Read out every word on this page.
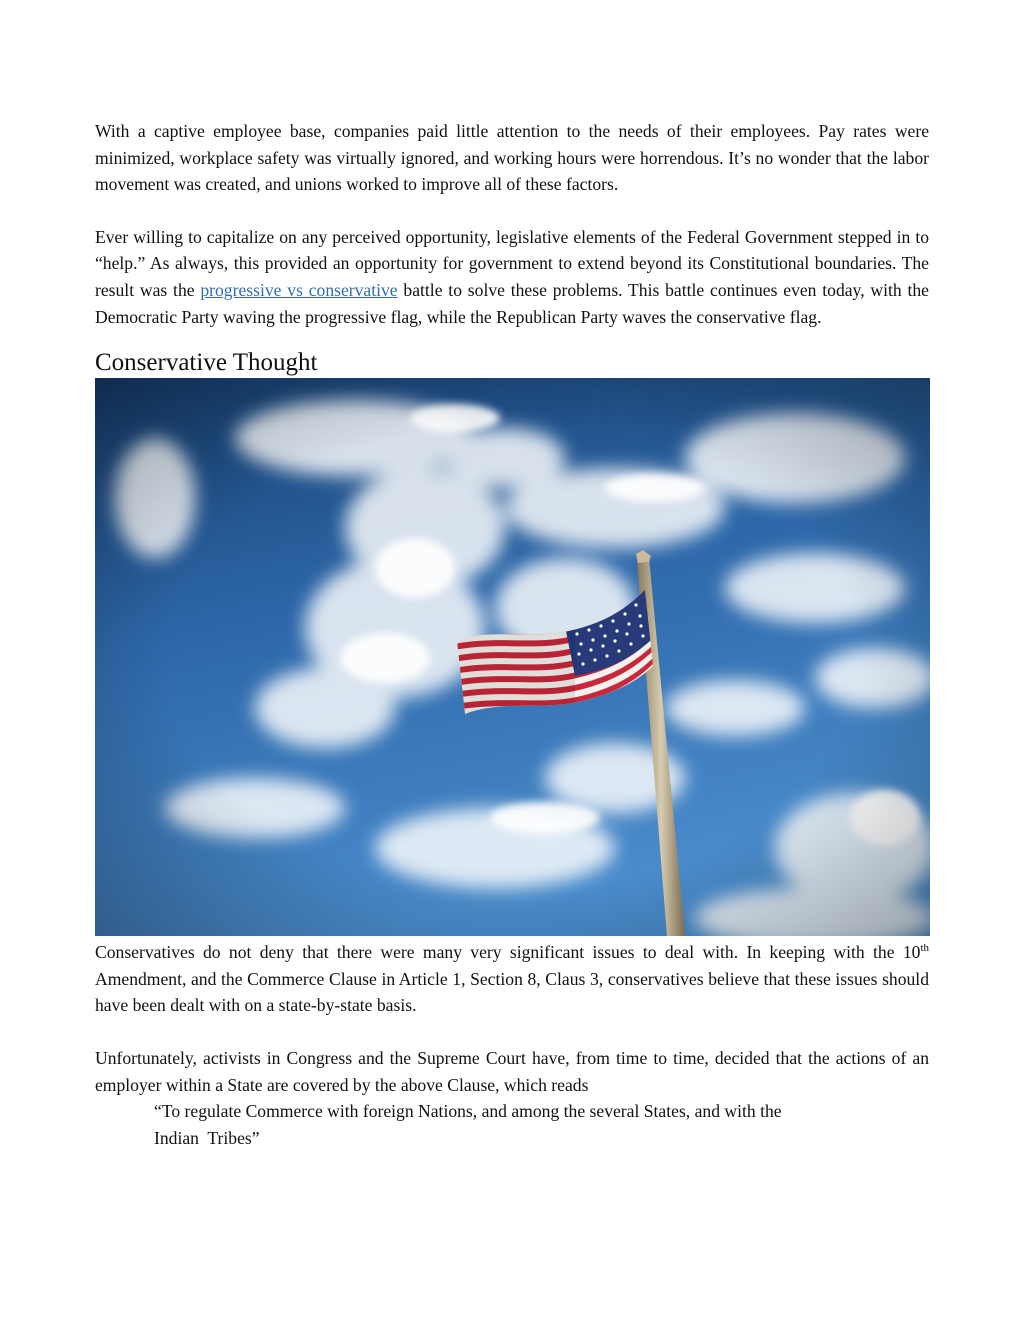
With a captive employee base, companies paid little attention to the needs of their employees. Pay rates were minimized, workplace safety was virtually ignored, and working hours were horrendous. It’s no wonder that the labor movement was created, and unions worked to improve all of these factors.

Ever willing to capitalize on any perceived opportunity, legislative elements of the Federal Government stepped in to “help.” As always, this provided an opportunity for government to extend beyond its Constitutional boundaries. The result was the progressive vs conservative battle to solve these problems. This battle continues even today, with the Democratic Party waving the progressive flag, while the Republican Party waves the conservative flag.

Conservative Thought

Conservatives do not deny that there were many very significant issues to deal with. In keeping with the 10th Amendment, and the Commerce Clause in Article 1, Section 8, Claus 3, conservatives believe that these issues should have been dealt with on a state-by-state basis.

Unfortunately, activists in Congress and the Supreme Court have, from time to time, decided that the actions of an employer within a State are covered by the above Clause, which reads

“To regulate Commerce with foreign Nations, and among the several States, and with the
Indian  Tribes”
